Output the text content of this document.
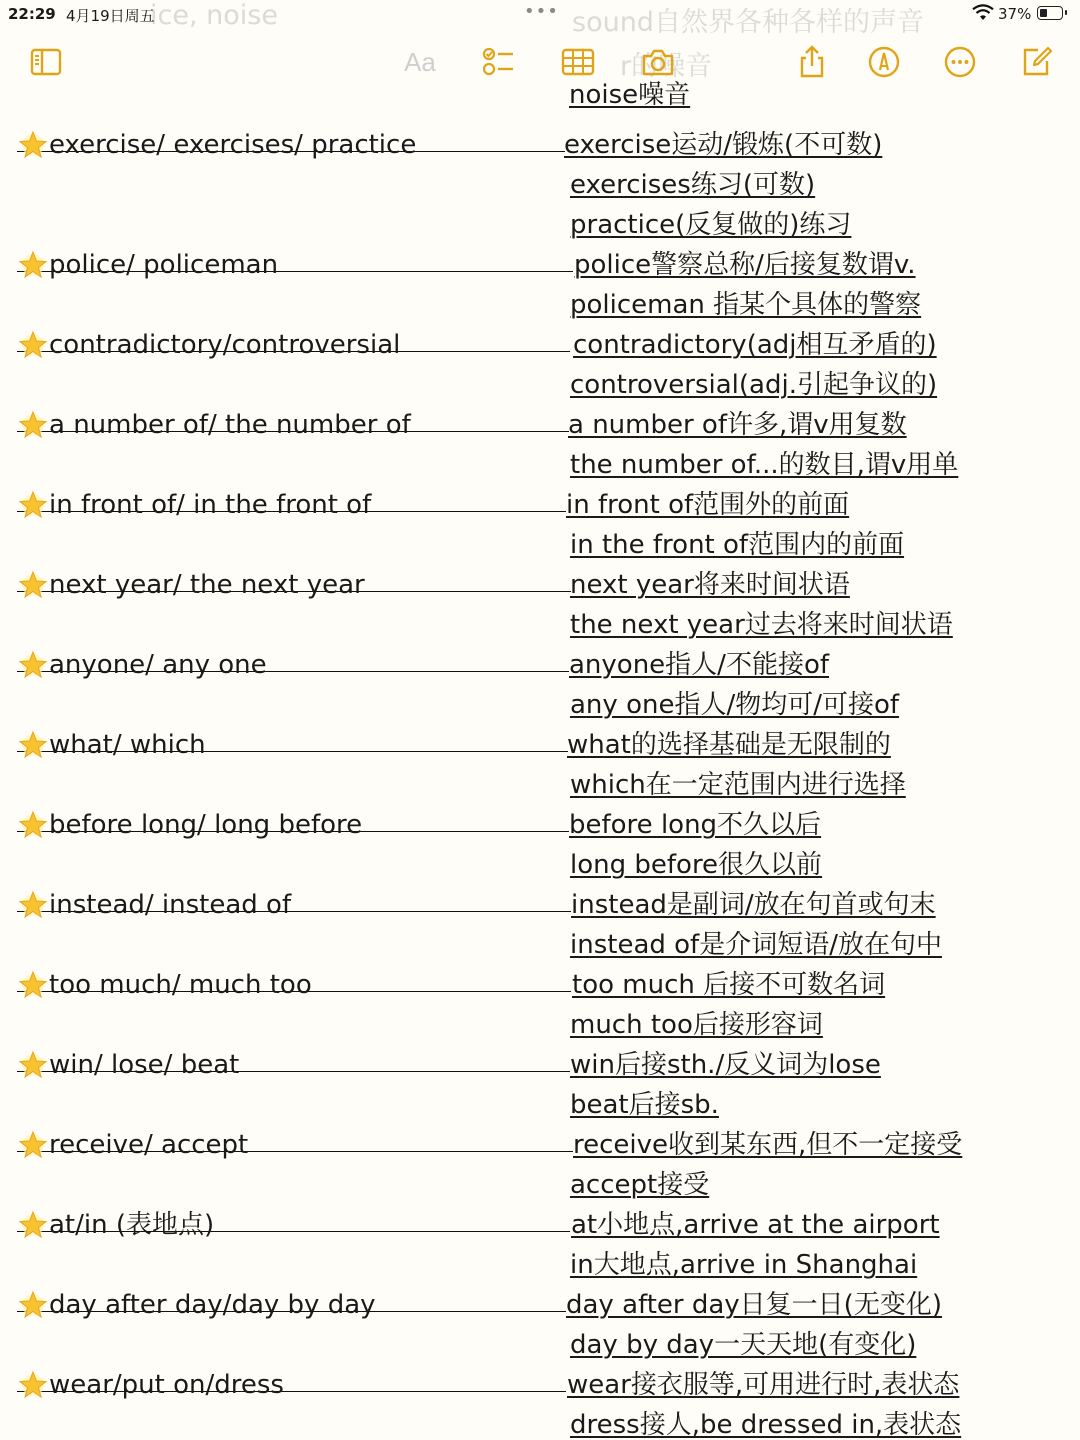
22:29 4月19日周五	•••	37%
ice, noise	sound自然界各种各样的声音
r的噪音
Aa
noise噪音
exercise/ exercises/ practice	exercise运动/锻炼(不可数)
exercises练习(可数)
practice(反复做的)练习
police/ policeman	police警察总称/后接复数谓v.
policeman 指某个具体的警察
contradictory/controversial	contradictory(adj相互矛盾的)
controversial(adj.引起争议的)
a number of/ the number of	a number of许多,谓v用复数
the number of...的数目,谓v用单
in front of/ in the front of	in front of范围外的前面
in the front of范围内的前面
next year/ the next year	next year将来时间状语
the next year过去将来时间状语
anyone/ any one	anyone指人/不能接of
any one指人/物均可/可接of
what/ which	what的选择基础是无限制的
which在一定范围内进行选择
before long/ long before	before long不久以后
long before很久以前
instead/ instead of	instead是副词/放在句首或句末
instead of是介词短语/放在句中
too much/ much too	too much 后接不可数名词
much too后接形容词
win/ lose/ beat	win后接sth./反义词为lose
beat后接sb.
receive/ accept	receive收到某东西,但不一定接受
accept接受
at/in (表地点)	at小地点,arrive at the airport
in大地点,arrive in Shanghai
day after day/day by day	day after day日复一日(无变化)
day by day一天天地(有变化)
wear/put on/dress	wear接衣服等,可用进行时,表状态
dress接人,be dressed in,表状态
